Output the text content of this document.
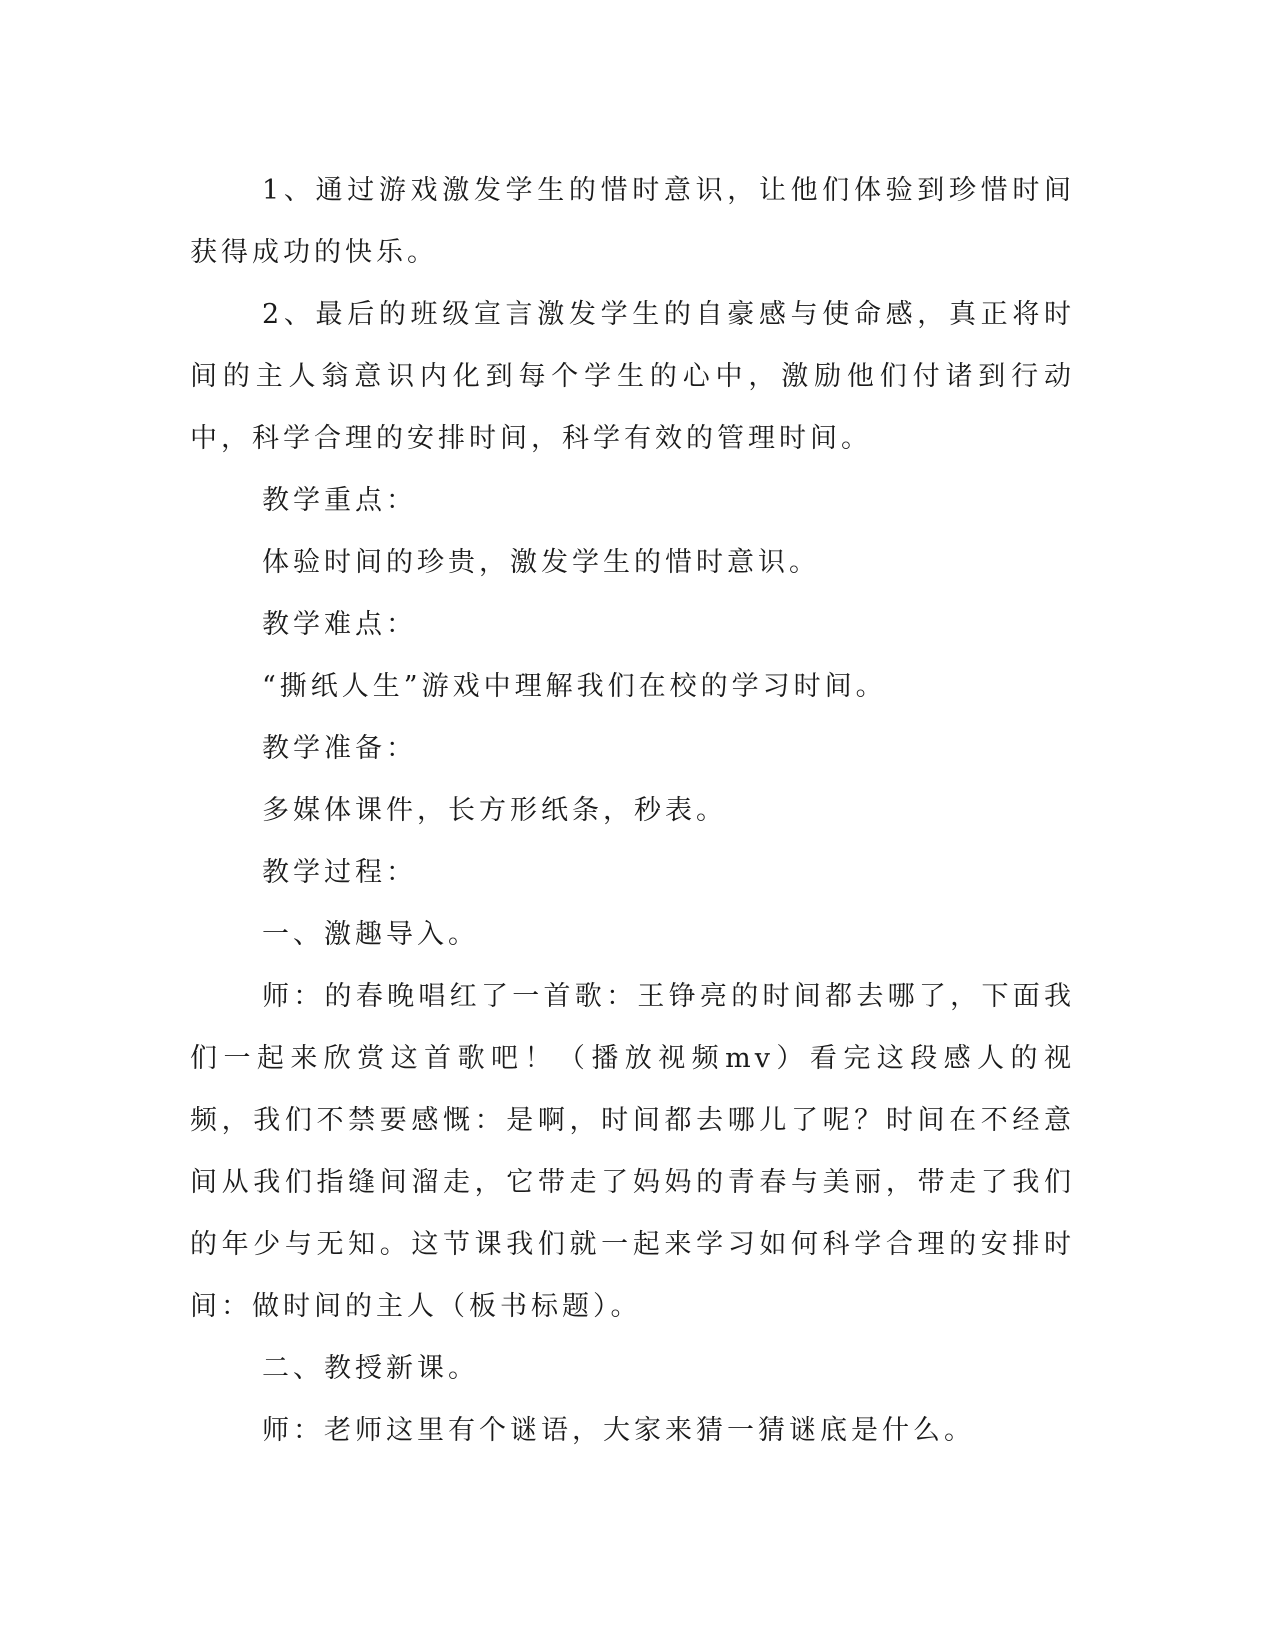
1、通过游戏激发学生的惜时意识，让他们体验到珍惜时间获得成功的快乐。

2、最后的班级宣言激发学生的自豪感与使命感，真正将时间的主人翁意识内化到每个学生的心中，激励他们付诸到行动中，科学合理的安排时间，科学有效的管理时间。

教学重点：

体验时间的珍贵，激发学生的惜时意识。

教学难点：

“撕纸人生”游戏中理解我们在校的学习时间。

教学准备：

多媒体课件，长方形纸条，秒表。

教学过程：

一、激趣导入。

师：的春晚唱红了一首歌：王铮亮的时间都去哪了，下面我们一起来欣赏这首歌吧！（播放视频mv）看完这段感人的视频，我们不禁要感慨：是啊，时间都去哪儿了呢？时间在不经意间从我们指缝间溜走，它带走了妈妈的青春与美丽，带走了我们的年少与无知。这节课我们就一起来学习如何科学合理的安排时间：做时间的主人（板书标题）。

二、教授新课。

师：老师这里有个谜语，大家来猜一猜谜底是什么。
